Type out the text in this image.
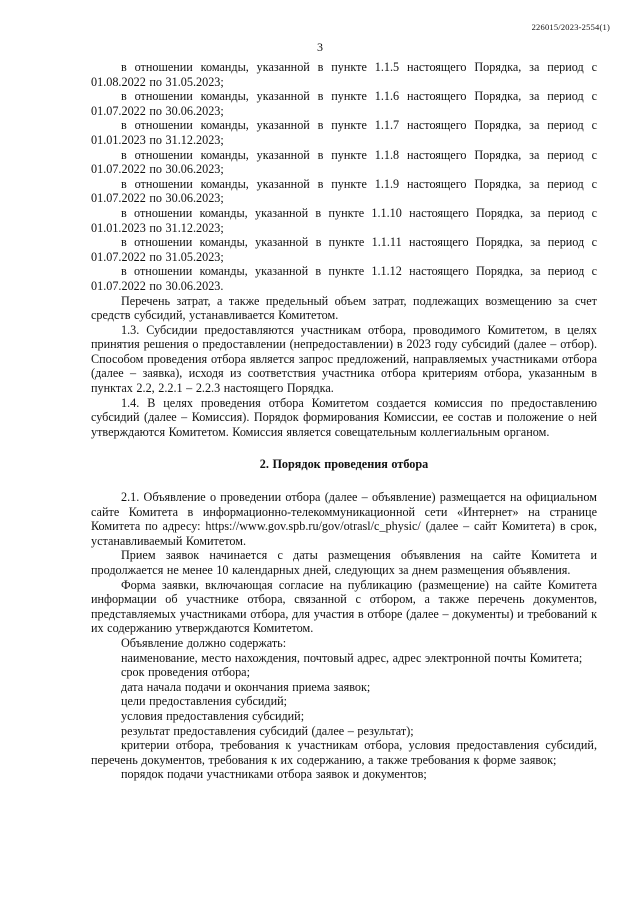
226015/2023-2554(1)
3

в отношении команды, указанной в пункте 1.1.5 настоящего Порядка, за период с 01.08.2022 по 31.05.2023;

в отношении команды, указанной в пункте 1.1.6 настоящего Порядка, за период с 01.07.2022 по 30.06.2023;

в отношении команды, указанной в пункте 1.1.7 настоящего Порядка, за период с 01.01.2023 по 31.12.2023;

в отношении команды, указанной в пункте 1.1.8 настоящего Порядка, за период с 01.07.2022 по 30.06.2023;

в отношении команды, указанной в пункте 1.1.9 настоящего Порядка, за период с 01.07.2022 по 30.06.2023;

в отношении команды, указанной в пункте 1.1.10 настоящего Порядка, за период с 01.01.2023 по 31.12.2023;

в отношении команды, указанной в пункте 1.1.11 настоящего Порядка, за период с 01.07.2022 по 31.05.2023;

в отношении команды, указанной в пункте 1.1.12 настоящего Порядка, за период с 01.07.2022 по 30.06.2023.

Перечень затрат, а также предельный объем затрат, подлежащих возмещению за счет средств субсидий, устанавливается Комитетом.

1.3. Субсидии предоставляются участникам отбора, проводимого Комитетом, в целях принятия решения о предоставлении (непредоставлении) в 2023 году субсидий (далее – отбор). Способом проведения отбора является запрос предложений, направляемых участниками отбора (далее – заявка), исходя из соответствия участника отбора критериям отбора, указанным в пунктах 2.2, 2.2.1 – 2.2.3 настоящего Порядка.

1.4. В целях проведения отбора Комитетом создается комиссия по предоставлению субсидий (далее – Комиссия). Порядок формирования Комиссии, ее состав и положение о ней утверждаются Комитетом. Комиссия является совещательным коллегиальным органом.

2. Порядок проведения отбора

2.1. Объявление о проведении отбора (далее – объявление) размещается на официальном сайте Комитета в информационно-телекоммуникационной сети «Интернет» на странице Комитета по адресу: https://www.gov.spb.ru/gov/otrasl/c_physic/ (далее – сайт Комитета) в срок, устанавливаемый Комитетом.

Прием заявок начинается с даты размещения объявления на сайте Комитета и продолжается не менее 10 календарных дней, следующих за днем размещения объявления.

Форма заявки, включающая согласие на публикацию (размещение) на сайте Комитета информации об участнике отбора, связанной с отбором, а также перечень документов, представляемых участниками отбора, для участия в отборе (далее – документы) и требований к их содержанию утверждаются Комитетом.

Объявление должно содержать:

наименование, место нахождения, почтовый адрес, адрес электронной почты Комитета;

срок проведения отбора;

дата начала подачи и окончания приема заявок;

цели предоставления субсидий;

условия предоставления субсидий;

результат предоставления субсидий (далее – результат);

критерии отбора, требования к участникам отбора, условия предоставления субсидий, перечень документов, требования к их содержанию, а также требования к форме заявок;

порядок подачи участниками отбора заявок и документов;
